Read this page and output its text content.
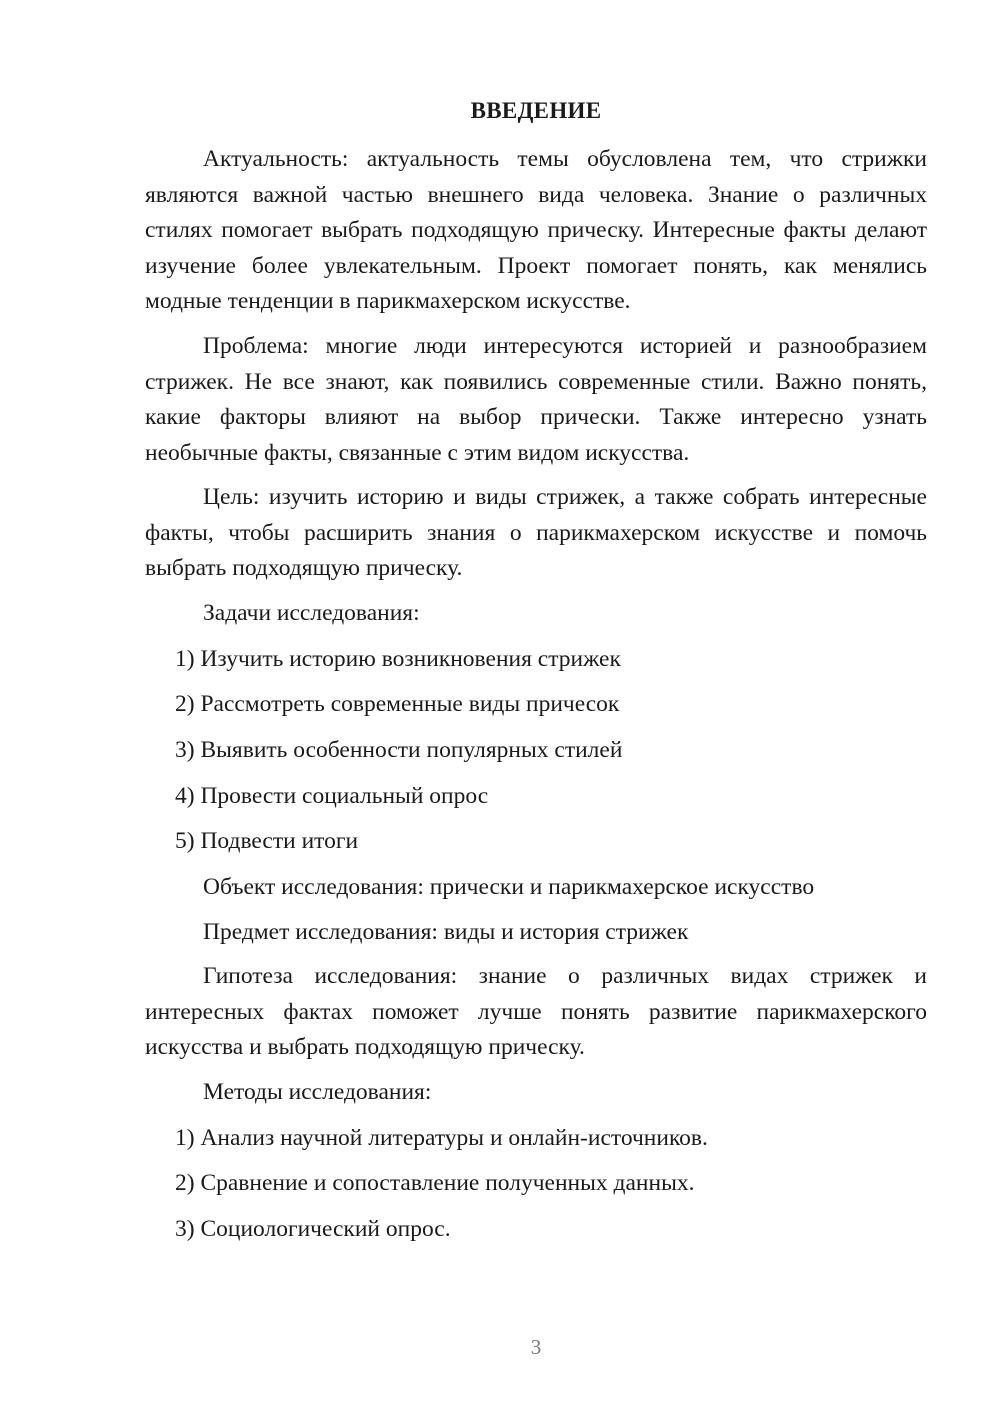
ВВЕДЕНИЕ

Актуальность: актуальность темы обусловлена тем, что стрижки являются важной частью внешнего вида человека. Знание о различных стилях помогает выбрать подходящую прическу. Интересные факты делают изучение более увлекательным. Проект помогает понять, как менялись модные тенденции в парикмахерском искусстве.

Проблема: многие люди интересуются историей и разнообразием стрижек. Не все знают, как появились современные стили. Важно понять, какие факторы влияют на выбор прически. Также интересно узнать необычные факты, связанные с этим видом искусства.

Цель: изучить историю и виды стрижек, а также собрать интересные факты, чтобы расширить знания о парикмахерском искусстве и помочь выбрать подходящую прическу.

Задачи исследования:

1) Изучить историю возникновения стрижек

2) Рассмотреть современные виды причесок

3) Выявить особенности популярных стилей

4) Провести социальный опрос

5) Подвести итоги

Объект исследования: прически и парикмахерское искусство

Предмет исследования: виды и история стрижек

Гипотеза исследования: знание о различных видах стрижек и интересных фактах поможет лучше понять развитие парикмахерского искусства и выбрать подходящую прическу.

Методы исследования:

1) Анализ научной литературы и онлайн-источников.

2) Сравнение и сопоставление полученных данных.

3) Социологический опрос.

3
